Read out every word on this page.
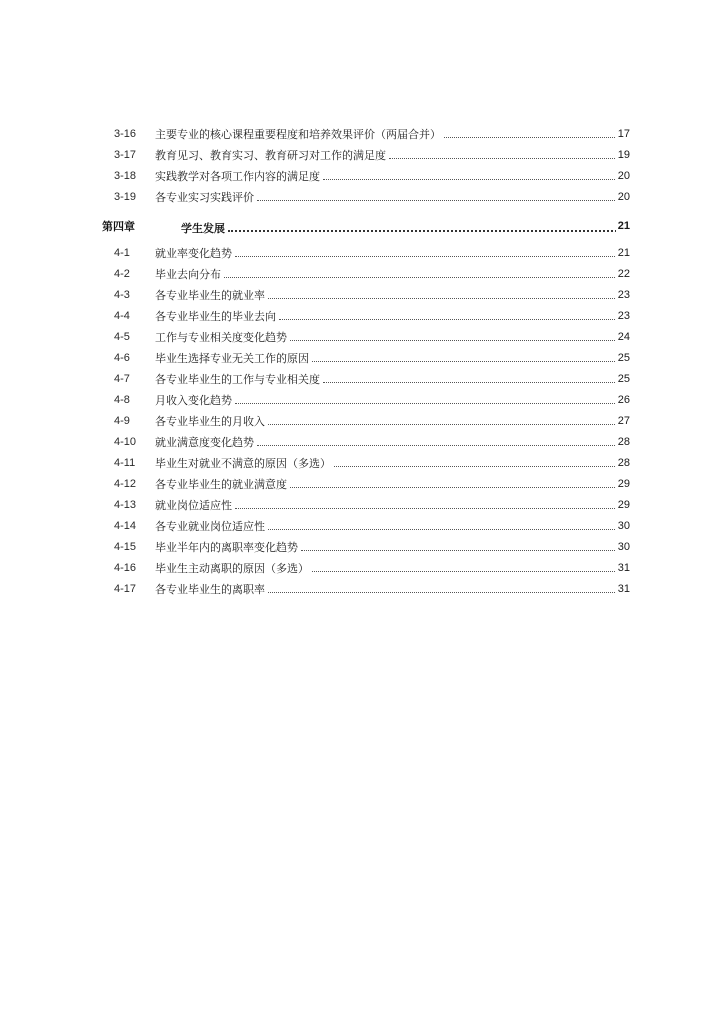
3-16	主要专业的核心课程重要程度和培养效果评价（两届合并）	17
3-17	教育见习、教育实习、教育研习对工作的满足度	19
3-18	实践教学对各项工作内容的满足度	20
3-19	各专业实习实践评价	20
第四章	学生发展	21
4-1	就业率变化趋势	21
4-2	毕业去向分布	22
4-3	各专业毕业生的就业率	23
4-4	各专业毕业生的毕业去向	23
4-5	工作与专业相关度变化趋势	24
4-6	毕业生选择专业无关工作的原因	25
4-7	各专业毕业生的工作与专业相关度	25
4-8	月收入变化趋势	26
4-9	各专业毕业生的月收入	27
4-10	就业满意度变化趋势	28
4-11	毕业生对就业不满意的原因（多选）	28
4-12	各专业毕业生的就业满意度	29
4-13	就业岗位适应性	29
4-14	各专业就业岗位适应性	30
4-15	毕业半年内的离职率变化趋势	30
4-16	毕业生主动离职的原因（多选）	31
4-17	各专业毕业生的离职率	31
